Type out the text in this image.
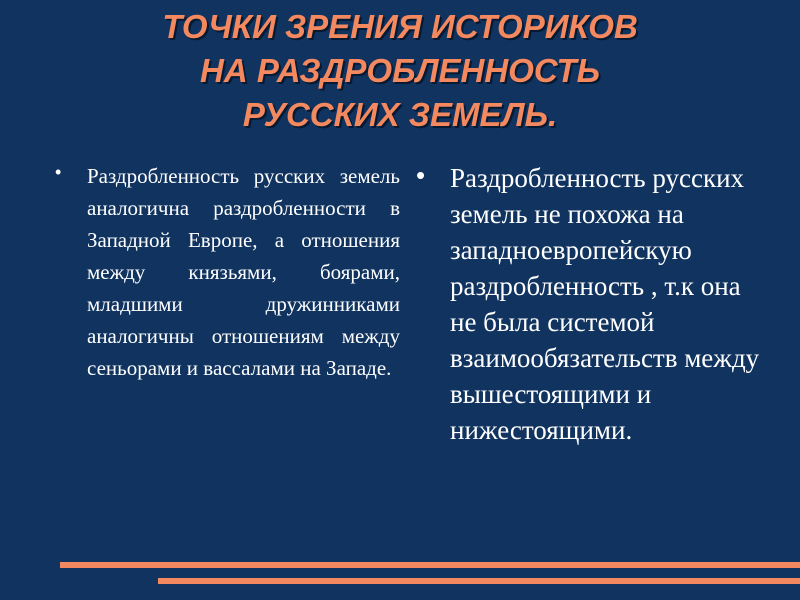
ТОЧКИ ЗРЕНИЯ ИСТОРИКОВ
НА РАЗДРОБЛЕННОСТЬ
РУССКИХ ЗЕМЕЛЬ.
• Раздробленность русских земель аналогична раздробленности в Западной Европе, а отношения между князьями, боярами, младшими дружинниками аналогичны отношениям между сеньорами и вассалами на Западе.
• Раздробленность русских земель не похожа на западноевропейскую раздробленность , т.к она не была системой взаимообязательств между вышестоящими и нижестоящими.
